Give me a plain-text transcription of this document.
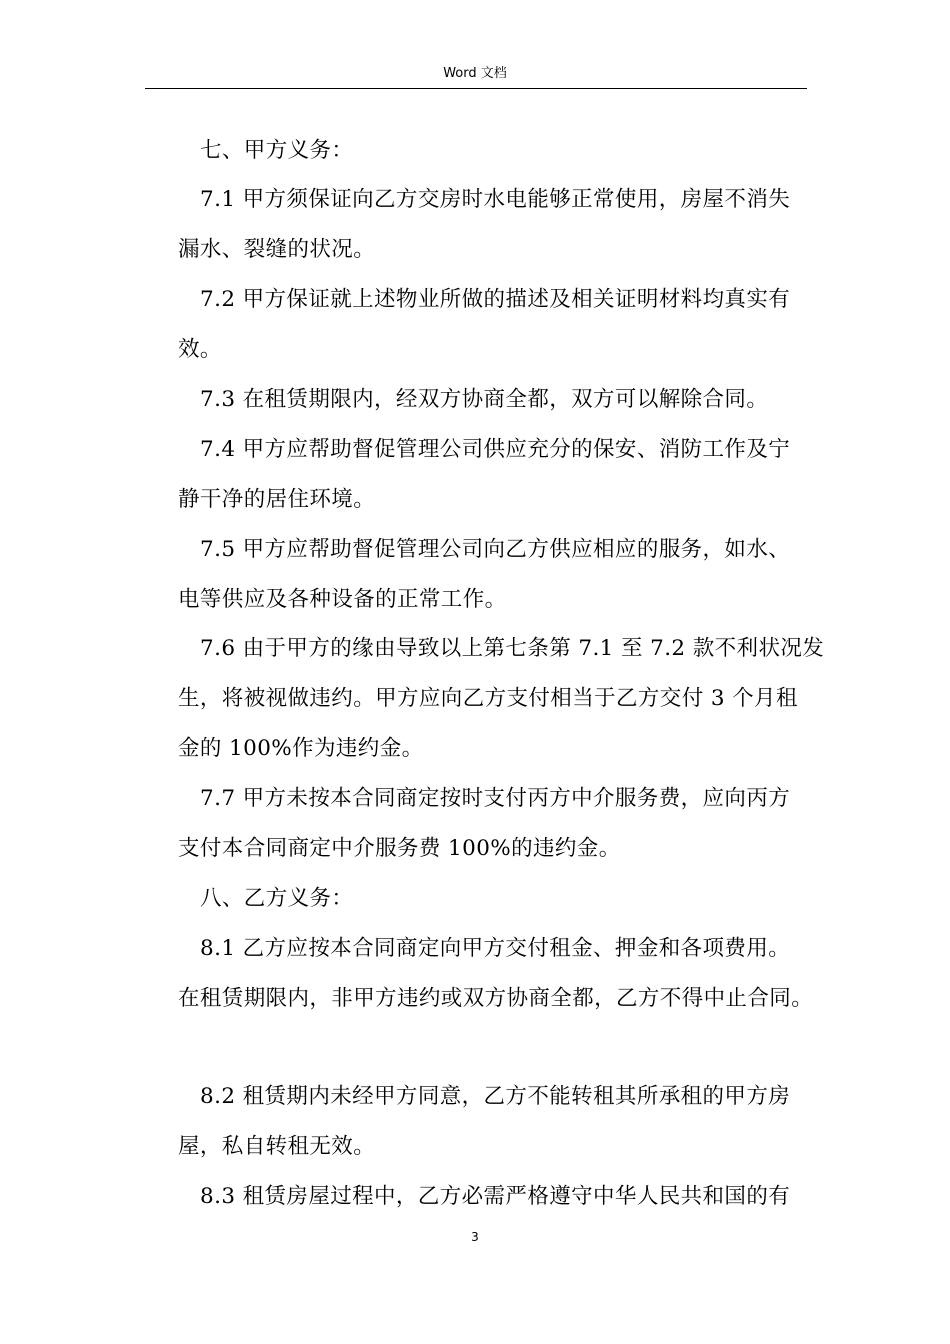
Word 文档
七、甲方义务：
7.1 甲方须保证向乙方交房时水电能够正常使用，房屋不消失
漏水、裂缝的状况。
7.2 甲方保证就上述物业所做的描述及相关证明材料均真实有
效。
7.3 在租赁期限内，经双方协商全都，双方可以解除合同。
7.4 甲方应帮助督促管理公司供应充分的保安、消防工作及宁
静干净的居住环境。
7.5 甲方应帮助督促管理公司向乙方供应相应的服务，如水、
电等供应及各种设备的正常工作。
7.6 由于甲方的缘由导致以上第七条第 7.1 至 7.2 款不利状况发
生，将被视做违约。甲方应向乙方支付相当于乙方交付 3 个月租
金的 100%作为违约金。
7.7 甲方未按本合同商定按时支付丙方中介服务费，应向丙方
支付本合同商定中介服务费 100%的违约金。
八、乙方义务：
8.1 乙方应按本合同商定向甲方交付租金、押金和各项费用。
在租赁期限内，非甲方违约或双方协商全都，乙方不得中止合同。
8.2 租赁期内未经甲方同意，乙方不能转租其所承租的甲方房
屋，私自转租无效。
8.3 租赁房屋过程中，乙方必需严格遵守中华人民共和国的有
3
